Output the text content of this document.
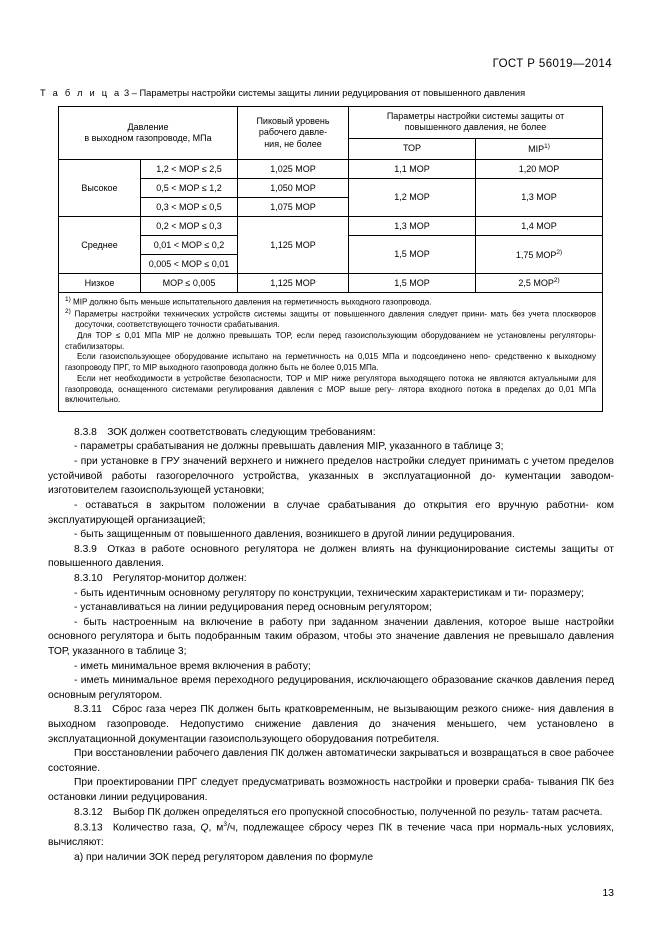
ГОСТ Р 56019—2014
Т а б л и ц а 3 – Параметры настройки системы защиты линии редуцирования от повышенного давления
Давление
в выходном газопроводе, МПа

Пиковый уровень
рабочего давле-
ния, не более

Параметры настройки системы защиты от
повышенного давления, не более

			ТОР	MIP$^{1)}$
Высокое	1,2 < MOP ≤ 2,5	1,025 MOP	1,1 MOP	1,20 MOP
	0,5 < MOP ≤ 1,2	1,050 MOP	1,2 MOP	1,3 MOP
	0,3 < MOP ≤ 0,5	1,075 MOP		
Среднее	0,2 < MOP ≤ 0,3	1,125 MOP	1,3 MOP	1,4 MOP
	0,01 < MOP ≤ 0,2		1,5 MOP	1,75 MOP$^{2)}$
	0,005 < MOP ≤ 0,01			
Низкое	MOP ≤ 0,005	1,125 MOP	1,5 MOP	2,5 MOP$^{2)}$

$^{1)}$ MIP должно быть меньше испытательного давления на герметичность выходного газопровода.

$^{2)}$ Параметры настройки технических устройств системы защиты от повышенного давления следует прини- мать без учета плоскворов досуточки, соответствующего точности срабатывания.

Для ТОР ≤ 0,01 МПа MIP не должно превышать ТОР, если перед газоиспользующим оборудованием не установлены регуляторы-стабилизаторы.

Если газоиспользующее оборудование испытано на герметичность на 0,015 МПа и подсоединено непо- средственно к выходному газопроводу ПРГ, то MIP выходного газопровода должно быть не более 0,015 МПа.

Если нет необходимости в устройстве безопасности, ТОР и MIP ниже регулятора выходящего потока не являются актуальными для газопровода, оснащенного системами регулирования давления с МОР выше регу- лятора входного потока в пределах до 0,01 МПа включительно.

8.3.8 ЗОК должен соответствовать следующим требованиям:

- параметры срабатывания не должны превышать давления MIP, указанного в таблице 3;

- при установке в ГРУ значений верхнего и нижнего пределов настройки следует принимать с учетом пределов устойчивой работы газогорелочного устройства, указанных в эксплуатационной до- кументации заводом-изготовителем газоиспользующей установки;

- оставаться в закрытом положении в случае срабатывания до открытия его вручную работни- ком эксплуатирующей организацией;

- быть защищенным от повышенного давления, возникшего в другой линии редуцирования.

8.3.9 Отказ в работе основного регулятора не должен влиять на функционирование системы защиты от повышенного давления.

8.3.10 Регулятор-монитор должен:

- быть идентичным основному регулятору по конструкции, техническим характеристикам и ти- поразмеру;

- устанавливаться на линии редуцирования перед основным регулятором;

- быть настроенным на включение в работу при заданном значении давления, которое выше настройки основного регулятора и быть подобранным таким образом, чтобы это значение давления не превышало давления ТОР, указанного в таблице 3;

- иметь минимальное время включения в работу;

- иметь минимальное время переходного редуцирования, исключающего образование скачков давления перед основным регулятором.

8.3.11 Сброс газа через ПК должен быть кратковременным, не вызывающим резкого сниже- ния давления в выходном газопроводе. Недопустимо снижение давления до значения меньшего, чем установлено в эксплуатационной документации газоиспользующего оборудования потребителя.

При восстановлении рабочего давления ПК должен автоматически закрываться и возвращаться в свое рабочее состояние.

При проектировании ПРГ следует предусматривать возможность настройки и проверки сраба- тывания ПК без остановки линии редуцирования.

8.3.12 Выбор ПК должен определяться его пропускной способностью, полученной по резуль- татам расчета.

8.3.13 Количество газа, Q, $м^3/ч$, подлежащее сбросу через ПК в течение часа при нормаль-ных условиях, вычисляют:

а) при наличии ЗОК перед регулятором давления по формуле

13
